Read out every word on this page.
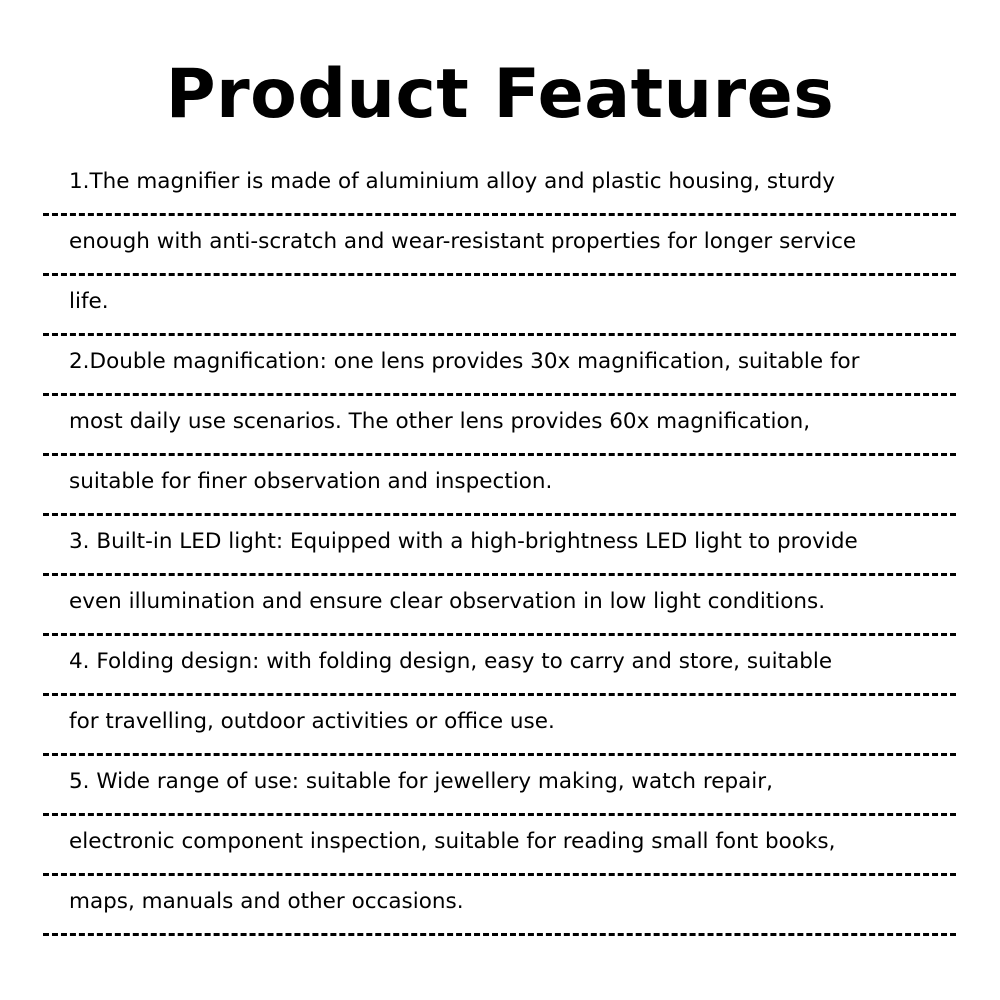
Product Features
1.The magnifier is made of aluminium alloy and plastic housing, sturdy
enough with anti-scratch and wear-resistant properties for longer service
life.
2.Double magnification: one lens provides 30x magnification, suitable for
most daily use scenarios. The other lens provides 60x magnification,
suitable for finer observation and inspection.
3. Built-in LED light: Equipped with a high-brightness LED light to provide
even illumination and ensure clear observation in low light conditions.
4. Folding design: with folding design, easy to carry and store, suitable
for travelling, outdoor activities or office use.
5. Wide range of use: suitable for jewellery making, watch repair,
electronic component inspection, suitable for reading small font books,
maps, manuals and other occasions.
